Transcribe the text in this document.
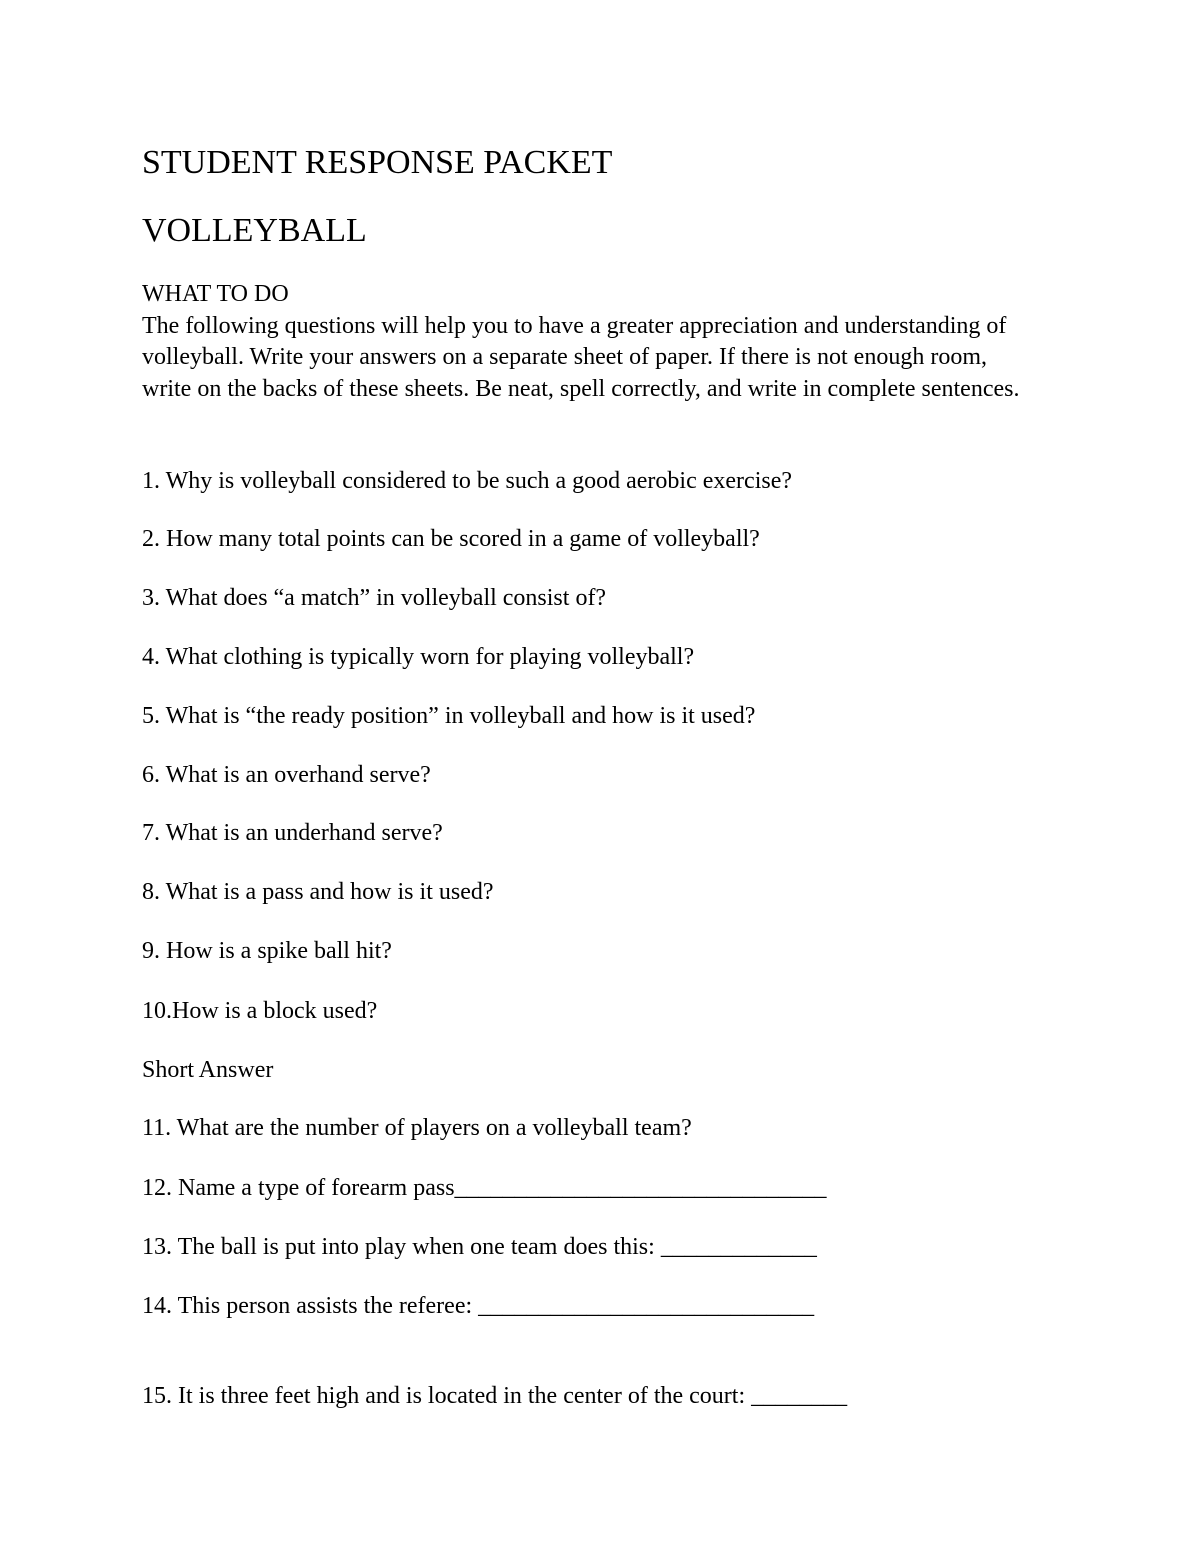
STUDENT RESPONSE PACKET
VOLLEYBALL
WHAT TO DO
The following questions will help you to have a greater appreciation and understanding of volleyball. Write your answers on a separate sheet of paper. If there is not enough room, write on the backs of these sheets. Be neat, spell correctly, and write in complete sentences.
1. Why is volleyball considered to be such a good aerobic exercise?
2. How many total points can be scored in a game of volleyball?
3. What does “a match” in volleyball consist of?
4. What clothing is typically worn for playing volleyball?
5. What is “the ready position” in volleyball and how is it used?
6. What is an overhand serve?
7. What is an underhand serve?
8. What is a pass and how is it used?
9. How is a spike ball hit?
10.How is a block used?
Short Answer
11. What are the number of players on a volleyball team?
12. Name a type of forearm pass_______________________________
13. The ball is put into play when one team does this: _____________
14. This person assists the referee: ____________________________
15. It is three feet high and is located in the center of the court: ________
